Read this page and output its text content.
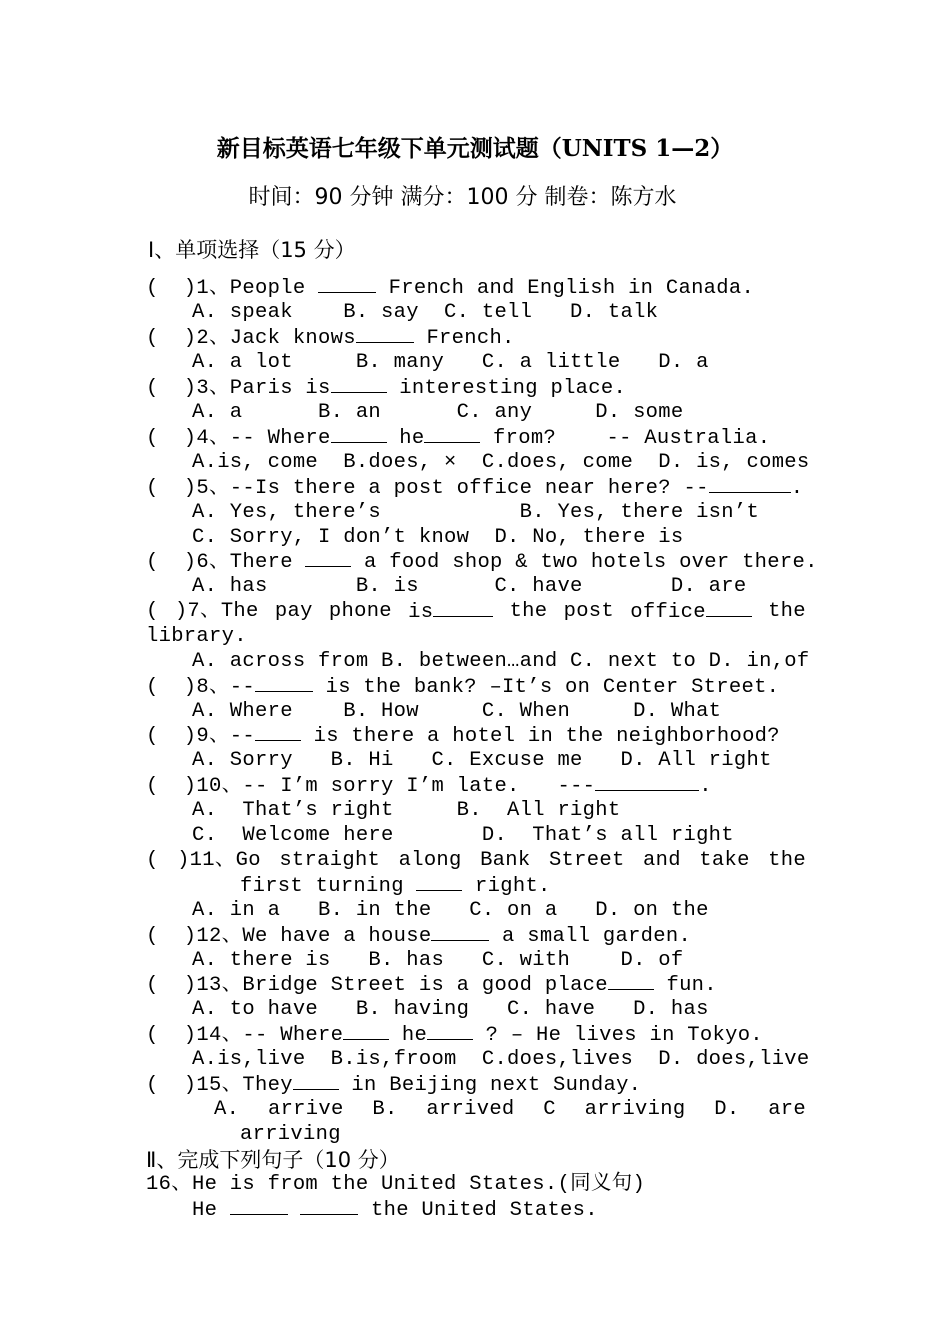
新目标英语七年级下单元测试题（UNITS 1—2）
时间：90 分钟 满分：100 分 制卷：陈方水
Ⅰ、单项选择（15 分）
(  )1、People	French and English in Canada.
A. speak    B. say  C. tell   D. talk
(  )2、Jack knows	French.
A. a lot     B. many   C. a little   D. a
(  )3、Paris is	interesting place.
A. a      B. an      C. any     D. some
(  )4、-- Where	he	from?    -- Australia.
A.is, come  B.does, ×  C.does, come  D. is, comes
(  )5、--Is there a post office near here? --	.
A. Yes, there’s           B. Yes, there isn’t
C. Sorry, I don’t know  D. No, there is
(  )6、There  a food shop & two hotels over there.
A. has       B. is      C. have       D. are
( )7、The pay phone is	the post office	the
library.
A. across from B. between…and C. next to D. in,of
(  )8、--	is the bank? –It’s on Center Street.
A. Where    B. How     C. When     D. What
(  )9、-- is there a hotel in the neighborhood?
A. Sorry   B. Hi   C. Excuse me   D. All right
(  )10、-- I’m sorry I’m late.   ---	.
A.  That’s right     B.  All right
C.  Welcome here       D.  That’s all right
( )11、Go straight along Bank Street and take the
first turning  right.
A. in a   B. in the   C. on a   D. on the
(  )12、We have a house	a small garden.
A. there is   B. has   C. with    D. of
(  )13、Bridge Street is a good place fun.
A. to have   B. having   C. have   D. has
(  )14、-- Where he ? – He lives in Tokyo.
A.is,live  B.is,froom  C.does,lives  D. does,live
(  )15、They in Beijing next Sunday.
A. arrive B. arrived C arriving D. are
arriving
Ⅱ、完成下列句子（10 分）
16、He is from the United States.(同义句)
He	the United States.
